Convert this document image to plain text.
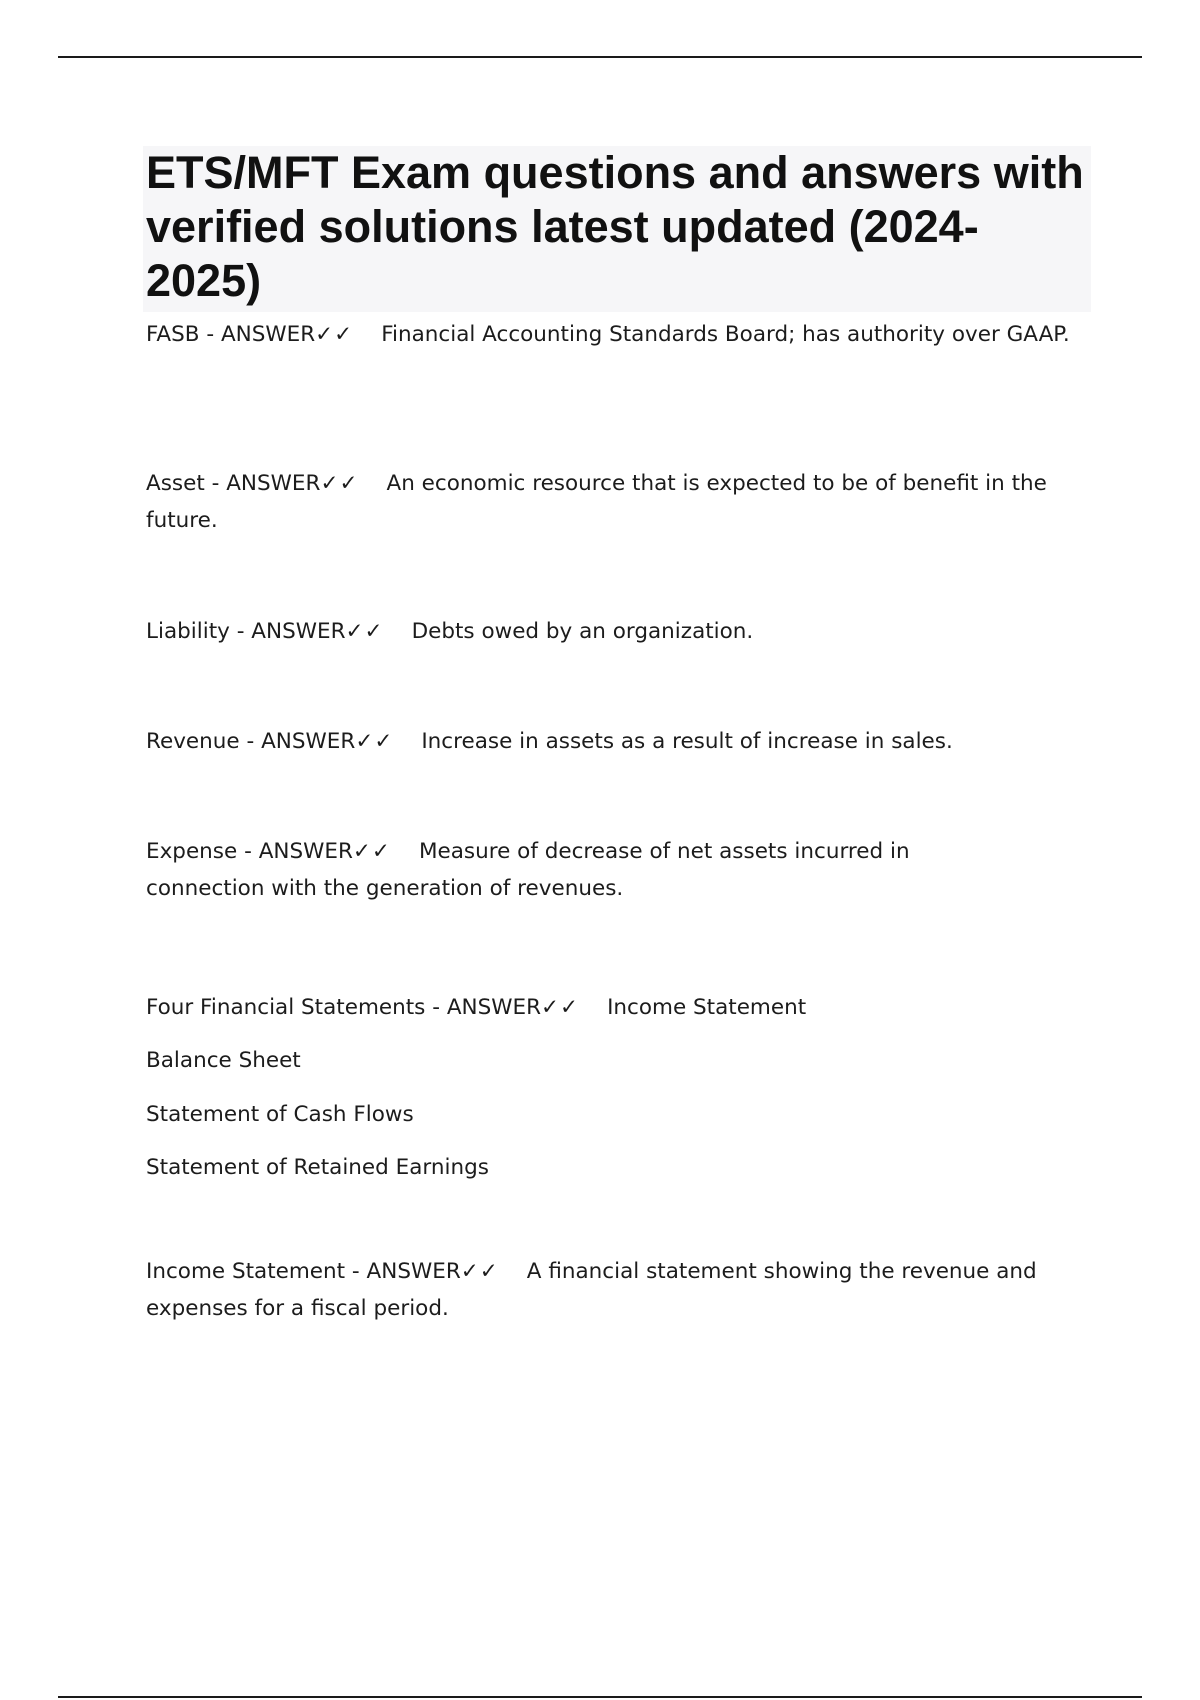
ETS/MFT Exam questions and answers with verified solutions latest updated (2024-2025)

FASB - ANSWER✓✓ Financial Accounting Standards Board; has authority over GAAP.

Asset - ANSWER✓✓ An economic resource that is expected to be of benefit in the future.

Liability - ANSWER✓✓ Debts owed by an organization.

Revenue - ANSWER✓✓ Increase in assets as a result of increase in sales.

Expense - ANSWER✓✓ Measure of decrease of net assets incurred in connection with the generation of revenues.

Four Financial Statements - ANSWER✓✓ Income Statement

Balance Sheet

Statement of Cash Flows

Statement of Retained Earnings

Income Statement - ANSWER✓✓ A financial statement showing the revenue and expenses for a fiscal period.
